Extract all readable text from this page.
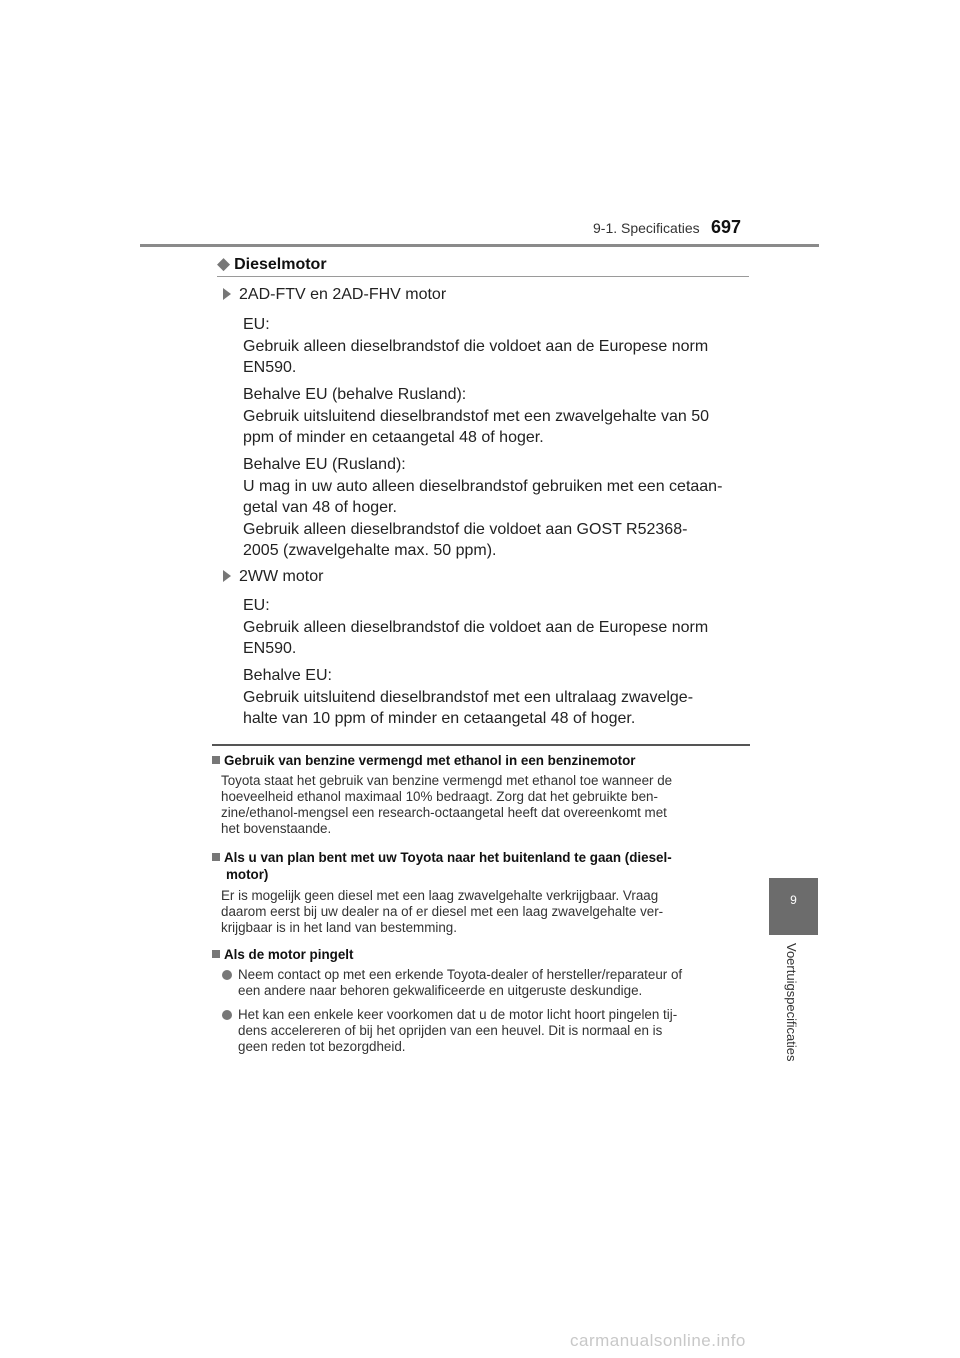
9-1. Specificaties 697
9
Voertuigspecificaties
◆ Dieselmotor
2AD-FTV en 2AD-FHV motor

EU:

Gebruik alleen dieselbrandstof die voldoet aan de Europese norm

EN590.

Behalve EU (behalve Rusland):

Gebruik uitsluitend dieselbrandstof met een zwavelgehalte van 50

ppm of minder en cetaangetal 48 of hoger.

Behalve EU (Rusland):

U mag in uw auto alleen dieselbrandstof gebruiken met een cetaan-

getal van 48 of hoger.

Gebruik alleen dieselbrandstof die voldoet aan GOST R52368-

2005 (zwavelgehalte max. 50 ppm).

2WW motor

EU:

Gebruik alleen dieselbrandstof die voldoet aan de Europese norm

EN590.

Behalve EU:

Gebruik uitsluitend dieselbrandstof met een ultralaag zwavelge-

halte van 10 ppm of minder en cetaangetal 48 of hoger.

Gebruik van benzine vermengd met ethanol in een benzinemotor

Toyota staat het gebruik van benzine vermengd met ethanol toe wanneer de

hoeveelheid ethanol maximaal 10% bedraagt. Zorg dat het gebruikte ben-

zine/ethanol-mengsel een research-octaangetal heeft dat overeenkomt met

het bovenstaande.

Als u van plan bent met uw Toyota naar het buitenland te gaan (diesel-

motor)

Er is mogelijk geen diesel met een laag zwavelgehalte verkrijgbaar. Vraag

daarom eerst bij uw dealer na of er diesel met een laag zwavelgehalte ver-

krijgbaar is in het land van bestemming.

Als de motor pingelt

Neem contact op met een erkende Toyota-dealer of hersteller/reparateur of

een andere naar behoren gekwalificeerde en uitgeruste deskundige.

Het kan een enkele keer voorkomen dat u de motor licht hoort pingelen tij-

dens accelereren of bij het oprijden van een heuvel. Dit is normaal en is

geen reden tot bezorgdheid.

carmanualsonline.info
